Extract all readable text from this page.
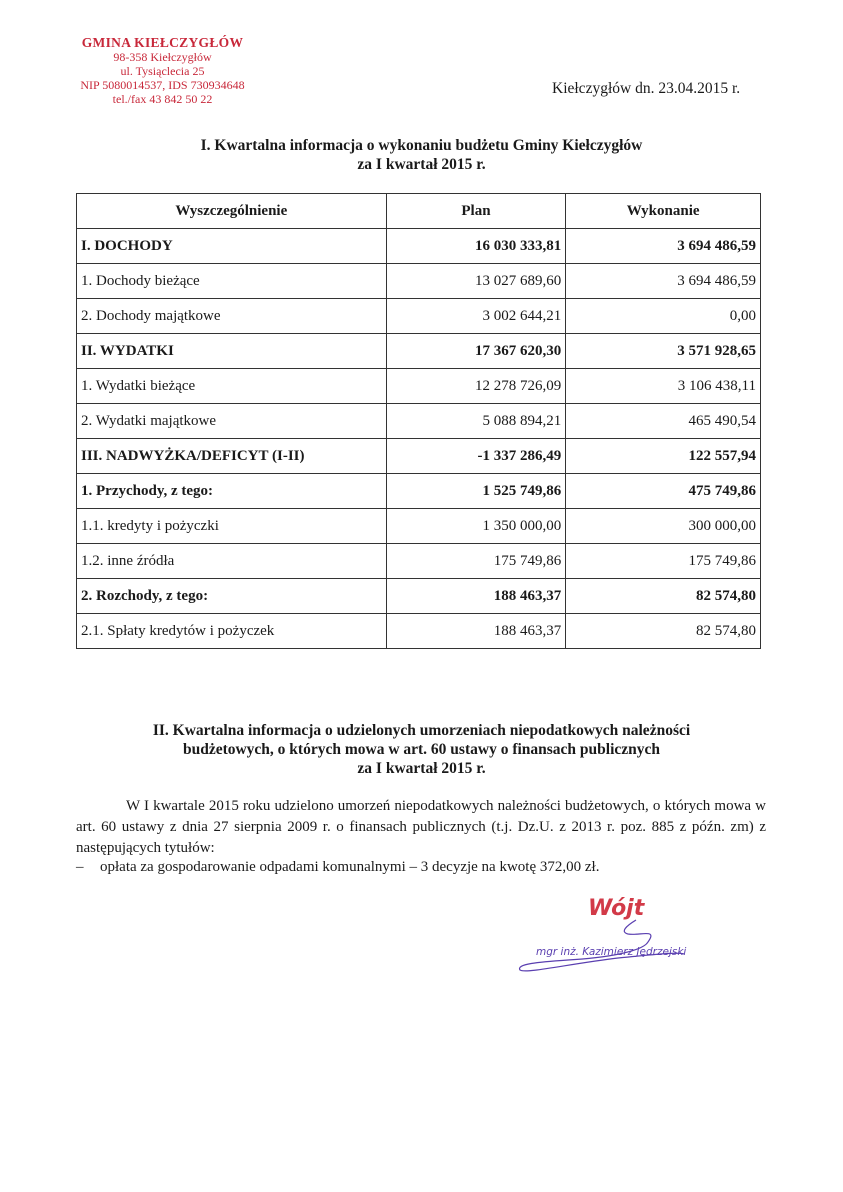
GMINA KIEŁCZYGŁÓW
98-358 Kiełczygłów
ul. Tysiąclecia 25
NIP 5080014537, IDS 730934648
tel./fax 43 842 50 22
Kiełczygłów dn. 23.04.2015 r.
I. Kwartalna informacja o wykonaniu budżetu Gminy Kiełczygłów
za I kwartał 2015 r.
Wyszczególnienie	Plan	Wykonanie
I. DOCHODY	16 030 333,81	3 694 486,59
1. Dochody bieżące	13 027 689,60	3 694 486,59
2. Dochody majątkowe	3 002 644,21	0,00
II. WYDATKI	17 367 620,30	3 571 928,65
1. Wydatki bieżące	12 278 726,09	3 106 438,11
2. Wydatki majątkowe	5 088 894,21	465 490,54
III. NADWYŻKA/DEFICYT (I-II)	-1 337 286,49	122 557,94
1. Przychody, z tego:	1 525 749,86	475 749,86
1.1. kredyty i pożyczki	1 350 000,00	300 000,00
1.2. inne źródła	175 749,86	175 749,86
2. Rozchody, z tego:	188 463,37	82 574,80
2.1. Spłaty kredytów i pożyczek	188 463,37	82 574,80
II. Kwartalna informacja o udzielonych umorzeniach niepodatkowych należności
budżetowych, o których mowa w art. 60 ustawy o finansach publicznych
za I kwartał 2015 r.
W I kwartale 2015 roku udzielono umorzeń niepodatkowych należności budżetowych, o których mowa w art. 60 ustawy z dnia 27 sierpnia 2009 r. o finansach publicznych (t.j. Dz.U. z 2013 r. poz. 885 z późn. zm) z następujących tytułów:
– opłata za gospodarowanie odpadami komunalnymi – 3 decyzje na kwotę 372,00 zł.
Wójt
mgr inż. Kazimierz Jędrzejski
